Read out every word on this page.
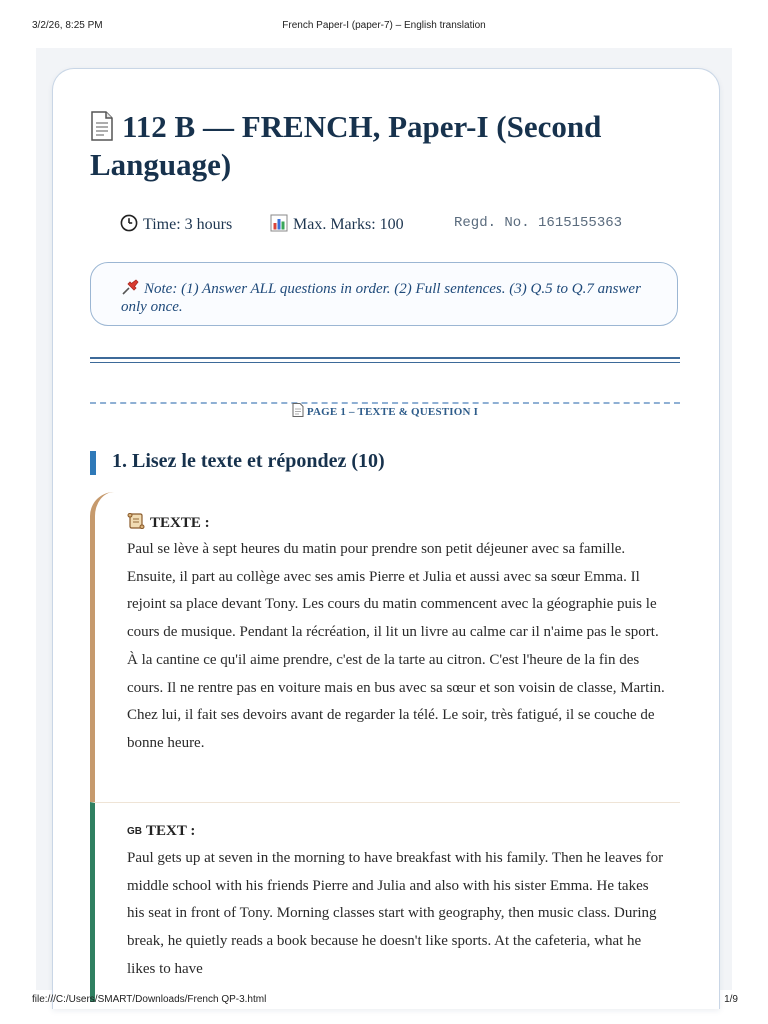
3/2/26, 8:25 PM	French Paper-I (paper-7) – English translation
112 B — FRENCH, Paper-I (Second Language)
Time: 3 hours	Max. Marks: 100	Regd. No. 1615155363
Note: (1) Answer ALL questions in order. (2) Full sentences. (3) Q.5 to Q.7 answer only once.
PAGE 1 – TEXTE & QUESTION I
1. Lisez le texte et répondez (10)
TEXTE :

Paul se lève à sept heures du matin pour prendre son petit déjeuner avec sa famille. Ensuite, il part au collège avec ses amis Pierre et Julia et aussi avec sa sœur Emma. Il rejoint sa place devant Tony. Les cours du matin commencent avec la géographie puis le cours de musique. Pendant la récréation, il lit un livre au calme car il n'aime pas le sport. À la cantine ce qu'il aime prendre, c'est de la tarte au citron. C'est l'heure de la fin des cours. Il ne rentre pas en voiture mais en bus avec sa sœur et son voisin de classe, Martin. Chez lui, il fait ses devoirs avant de regarder la télé. Le soir, très fatigué, il se couche de bonne heure.

GB TEXT :

Paul gets up at seven in the morning to have breakfast with his family. Then he leaves for middle school with his friends Pierre and Julia and also with his sister Emma. He takes his seat in front of Tony. Morning classes start with geography, then music class. During break, he quietly reads a book because he doesn't like sports. At the cafeteria, what he likes to have

file:///C:/Users/SMART/Downloads/French QP-3.html	1/9
